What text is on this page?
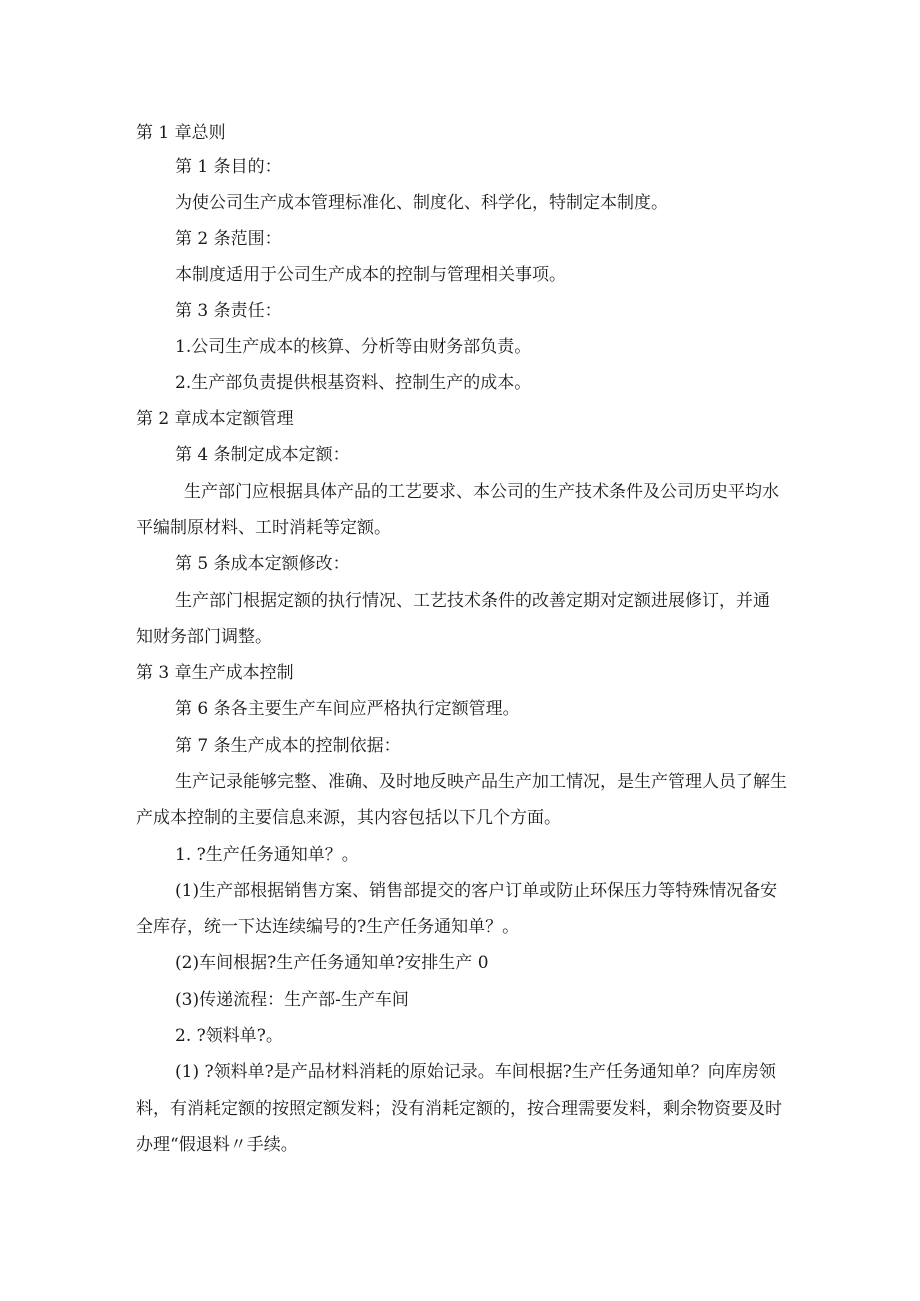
第 1 章总则
第 1 条目的：
为使公司生产成本管理标准化、制度化、科学化，特制定本制度。
第 2 条范围：
本制度适用于公司生产成本的控制与管理相关事项。
第 3 条责任：
1.公司生产成本的核算、分析等由财务部负责。
2.生产部负责提供根基资料、控制生产的成本。
第 2 章成本定额管理
第 4 条制定成本定额：
生产部门应根据具体产品的工艺要求、本公司的生产技术条件及公司历史平均水
平编制原材料、工时消耗等定额。
第 5 条成本定额修改：
生产部门根据定额的执行情况、工艺技术条件的改善定期对定额进展修订，并通
知财务部门调整。
第 3 章生产成本控制
第 6 条各主要生产车间应严格执行定额管理。
第 7 条生产成本的控制依据：
生产记录能够完整、准确、及时地反映产品生产加工情况，是生产管理人员了解生
产成本控制的主要信息来源，其内容包括以下几个方面。
1. ?生产任务通知单？。
(1)生产部根据销售方案、销售部提交的客户订单或防止环保压力等特殊情况备安
全库存，统一下达连续编号的?生产任务通知单？。
(2)车间根据?生产任务通知单?安排生产 0
(3)传递流程：生产部-生产车间
2. ?领料单?。
(1) ?领料单?是产品材料消耗的原始记录。车间根据?生产任务通知单？向库房领
料，有消耗定额的按照定额发料；没有消耗定额的，按合理需要发料，剩余物资要及时
办理“假退料〃手续。
